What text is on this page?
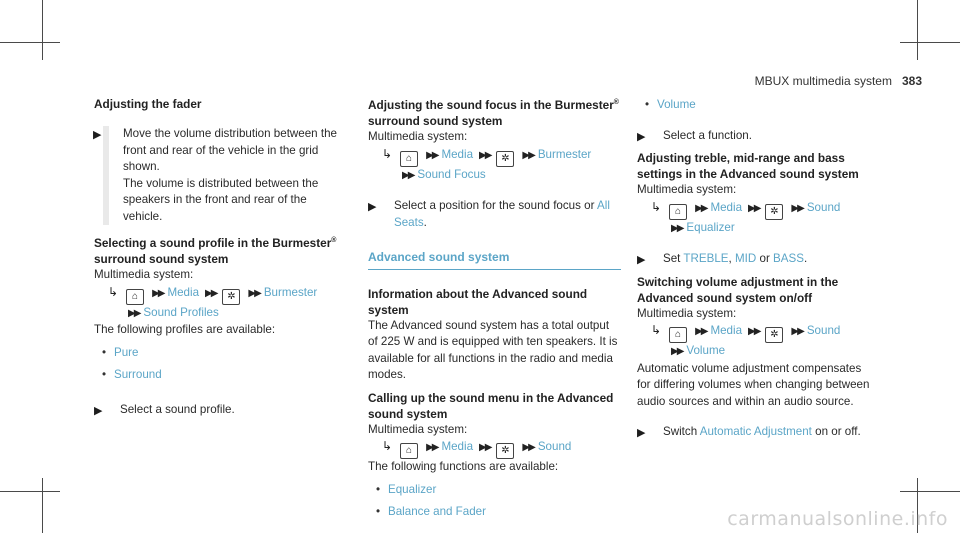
MBUX multimedia system 383
Adjusting the fader
▶ Move the volume distribution between the front and rear of the vehicle in the grid shown.

The volume is distributed between the speakers in the front and rear of the vehicle.

Selecting a sound profile in the Burmester®
surround sound system

Multimedia system:

↳ ⌂ ▶▶ Media ▶▶ ✲ ▶▶ Burmester
▶▶ Sound Profiles

The following profiles are available:

• Pure
• Surround
▶ Select a sound profile.

Adjusting the sound focus in the Burmester®
surround sound system

Multimedia system:

↳ ⌂ ▶▶ Media ▶▶ ✲ ▶▶ Burmester
▶▶ Sound Focus
▶ Select a position for the sound focus or All Seats.

Advanced sound system
Information about the Advanced sound system

The Advanced sound system has a total output of 225 W and is equipped with ten speakers. It is available for all functions in the radio and media modes.

Calling up the sound menu in the Advanced sound system

Multimedia system:

↳ ⌂ ▶▶ Media ▶▶ ✲ ▶▶ Sound

The following functions are available:

• Equalizer
• Balance and Fader
• Volume
▶ Select a function.

Adjusting treble, mid-range and bass settings in the Advanced sound system

Multimedia system:

↳ ⌂ ▶▶ Media ▶▶ ✲ ▶▶ Sound
▶▶ Equalizer
▶ Set TREBLE, MID or BASS.

Switching volume adjustment in the Advanced sound system on/off

Multimedia system:

↳ ⌂ ▶▶ Media ▶▶ ✲ ▶▶ Sound
▶▶ Volume

Automatic volume adjustment compensates for differing volumes when changing between audio sources and within an audio source.

▶ Switch Automatic Adjustment on or off.

carmanualsonline.info
